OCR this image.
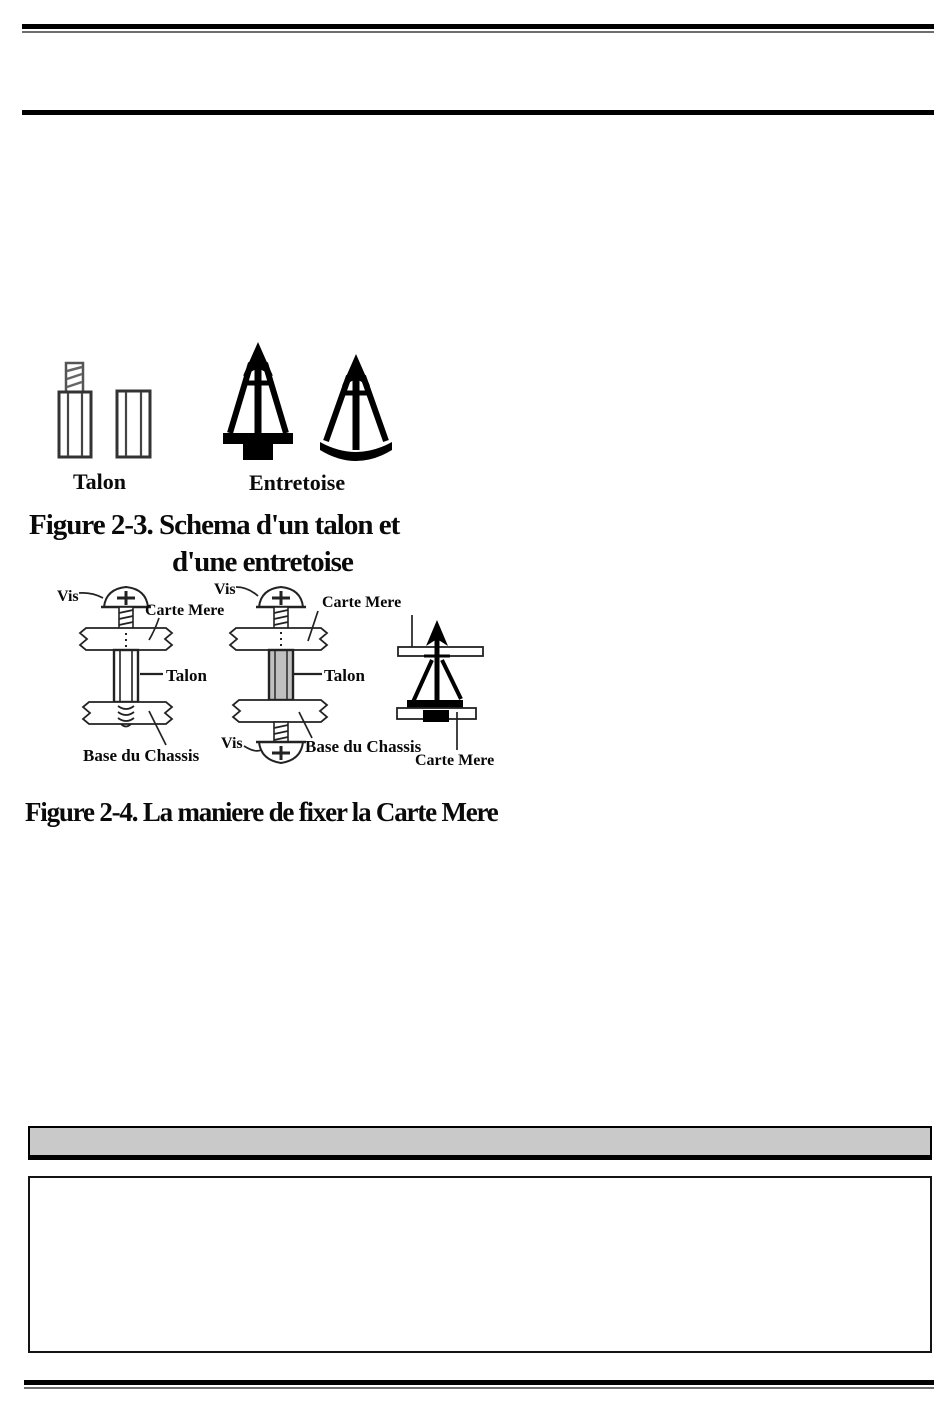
Talon	Entretoise
Figure 2-3. Schema d'un talon et
d'une entretoise
Vis
Carte Mere
Talon
Base du Chassis
Vis
Carte Mere
Talon
Vis	Base du Chassis
Carte Mere
Figure 2-4. La maniere de fixer la Carte Mere
